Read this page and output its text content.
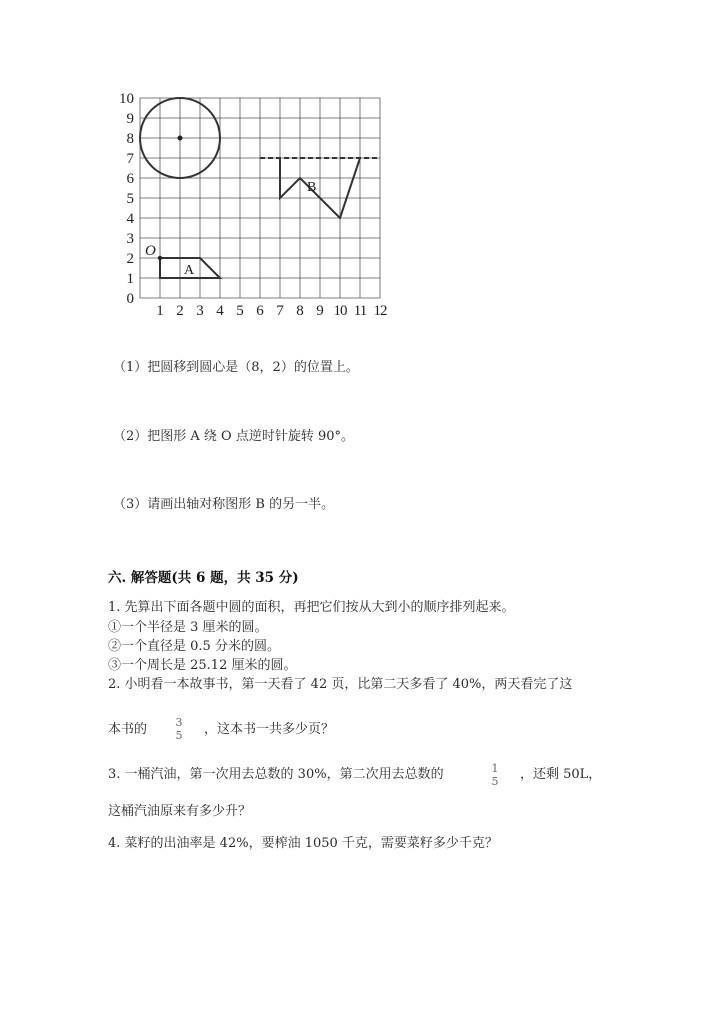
0
1
2
3
4
5
6
7
8
9
10
1 2 3 4 5 6 7 8 9 10 11 12
A
O
B
（1）把圆移到圆心是（8，2）的位置上。
（2）把图形 A 绕 O 点逆时针旋转 90°。
（3）请画出轴对称图形 B 的另一半。
六. 解答题(共 6 题，共 35 分)
1. 先算出下面各题中圆的面积，再把它们按从大到小的顺序排列起来。
①一个半径是 3 厘米的圆。
②一个直径是 0.5 分米的圆。
③一个周长是 25.12 厘米的圆。
2. 小明看一本故事书，第一天看了 42 页，比第二天多看了 40%，两天看完了这
本书的	3
5 ，这本书一共多少页？
3. 一桶汽油，第一次用去总数的 30%，第二次用去总数的	1
5 ，还剩 50L，
这桶汽油原来有多少升？
4. 菜籽的出油率是 42%，要榨油 1050 千克，需要菜籽多少千克？
